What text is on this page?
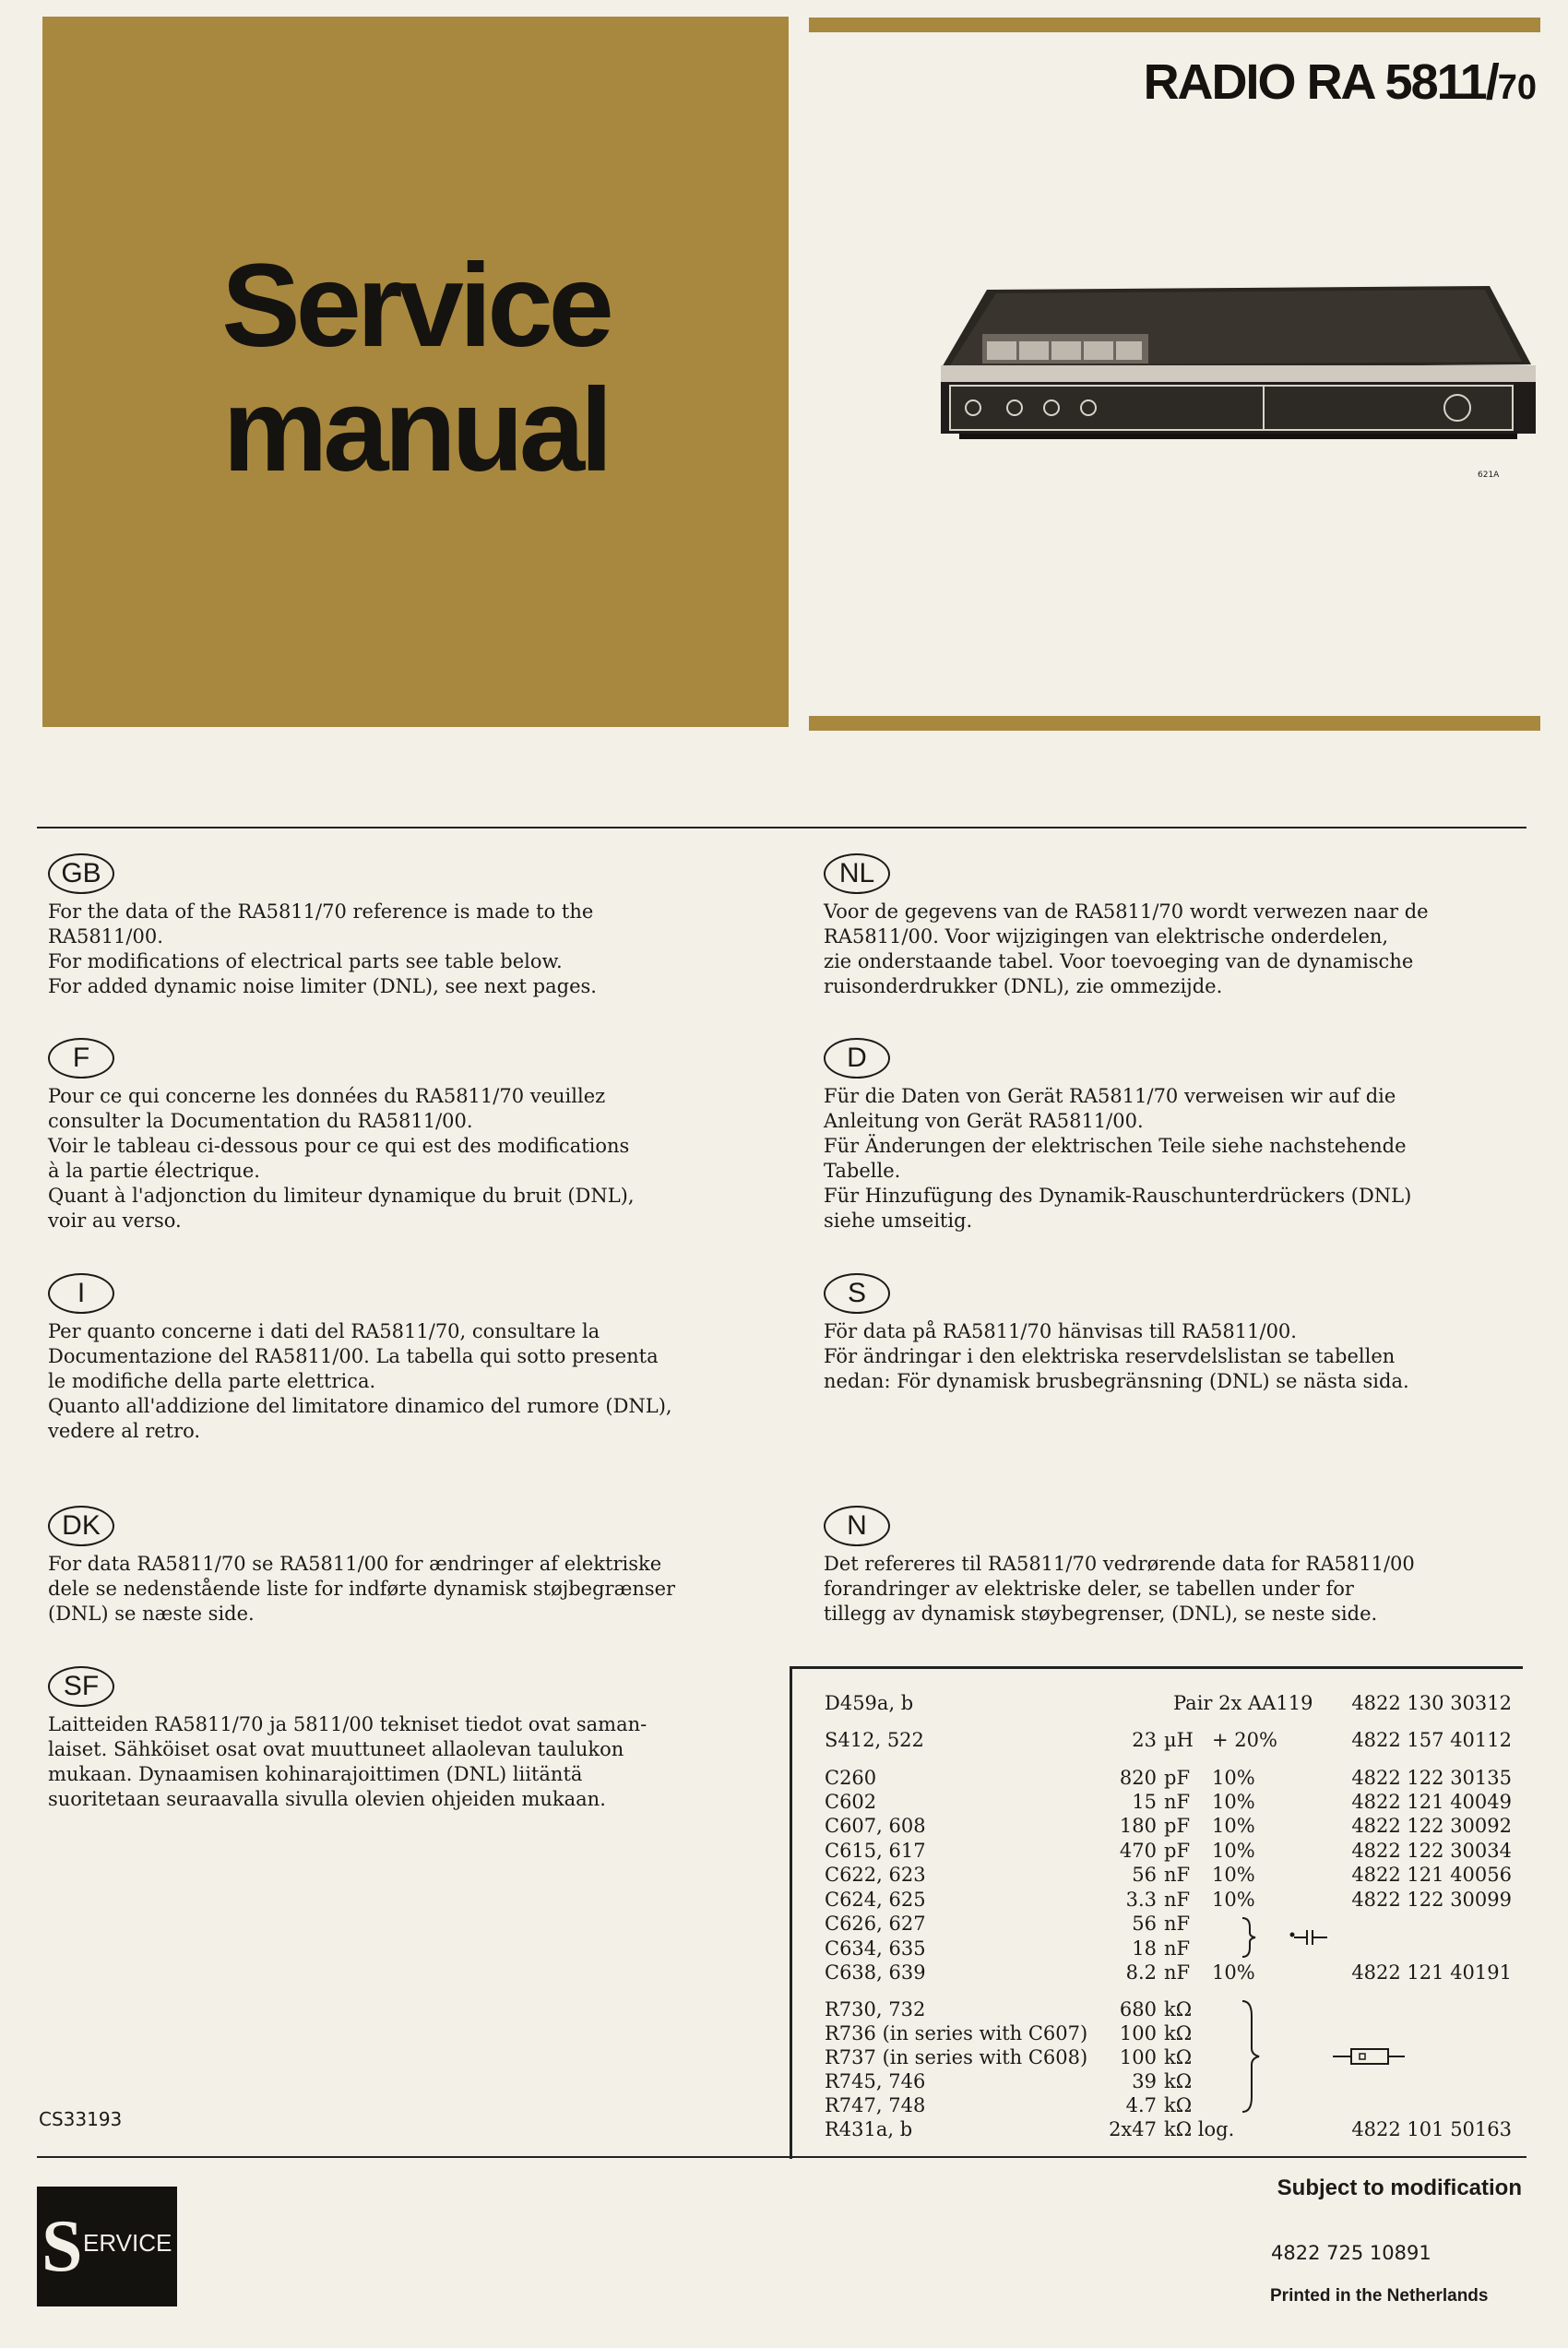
Service
manual
RADIO RA 5811/70
621A
GB

For the data of the RA5811/70 reference is made to the
RA5811/00.
For modifications of electrical parts see table below.
For added dynamic noise limiter (DNL), see next pages.

NL

Voor de gegevens van de RA5811/70 wordt verwezen naar de
RA5811/00. Voor wijzigingen van elektrische onderdelen,
zie onderstaande tabel. Voor toevoeging van de dynamische
ruisonderdrukker (DNL), zie ommezijde.

F

Pour ce qui concerne les données du RA5811/70 veuillez
consulter la Documentation du RA5811/00.
Voir le tableau ci-dessous pour ce qui est des modifications
à la partie électrique.
Quant à l'adjonction du limiteur dynamique du bruit (DNL),
voir au verso.

D

Für die Daten von Gerät RA5811/70 verweisen wir auf die
Anleitung von Gerät RA5811/00.
Für Änderungen der elektrischen Teile siehe nachstehende
Tabelle.
Für Hinzufügung des Dynamik-Rauschunterdrückers (DNL)
siehe umseitig.

I

Per quanto concerne i dati del RA5811/70, consultare la
Documentazione del RA5811/00. La tabella qui sotto presenta
le modifiche della parte elettrica.
Quanto all'addizione del limitatore dinamico del rumore (DNL),
vedere al retro.

S

För data på RA5811/70 hänvisas till RA5811/00.
För ändringar i den elektriska reservdelslistan se tabellen
nedan: För dynamisk brusbegränsning (DNL) se nästa sida.

DK

For data RA5811/70 se RA5811/00 for ændringer af elektriske
dele se nedenstående liste for indførte dynamisk støjbegrænser
(DNL) se næste side.

N

Det refereres til RA5811/70 vedrørende data for RA5811/00
forandringer av elektriske deler, se tabellen under for
tillegg av dynamisk støybegrenser, (DNL), se neste side.

SF

Laitteiden RA5811/70 ja 5811/00 tekniset tiedot ovat saman-
laiset. Sähköiset osat ovat muuttuneet allaolevan taulukon
mukaan. Dynaamisen kohinarajoittimen (DNL) liitäntä
suoritetaan seuraavalla sivulla olevien ohjeiden mukaan.

D459a, b	Pair 2x AA119 4822 130 30312
S412, 522	23 µH + 20%	4822 157 40112
C260	820 pF 10%	4822 122 30135
C602	15 nF 10%	4822 121 40049
C607, 608	180 pF 10%	4822 122 30092
C615, 617	470 pF 10%	4822 122 30034
C622, 623	56 nF 10%	4822 121 40056
C624, 625	3.3 nF 10%	4822 122 30099
C626, 627	56 nF
C634, 635	18 nF
C638, 639	8.2 nF 10%	4822 121 40191
R730, 732	680 kΩ
R736 (in series with C607) 100 kΩ
R737 (in series with C608) 100 kΩ
R745, 746	39 kΩ
R747, 748	4.7 kΩ
R431a, b	2x47 kΩ log.	4822 101 50163
CS33193
S ERVICE
Subject to modification
4822 725 10891
Printed in the Netherlands
